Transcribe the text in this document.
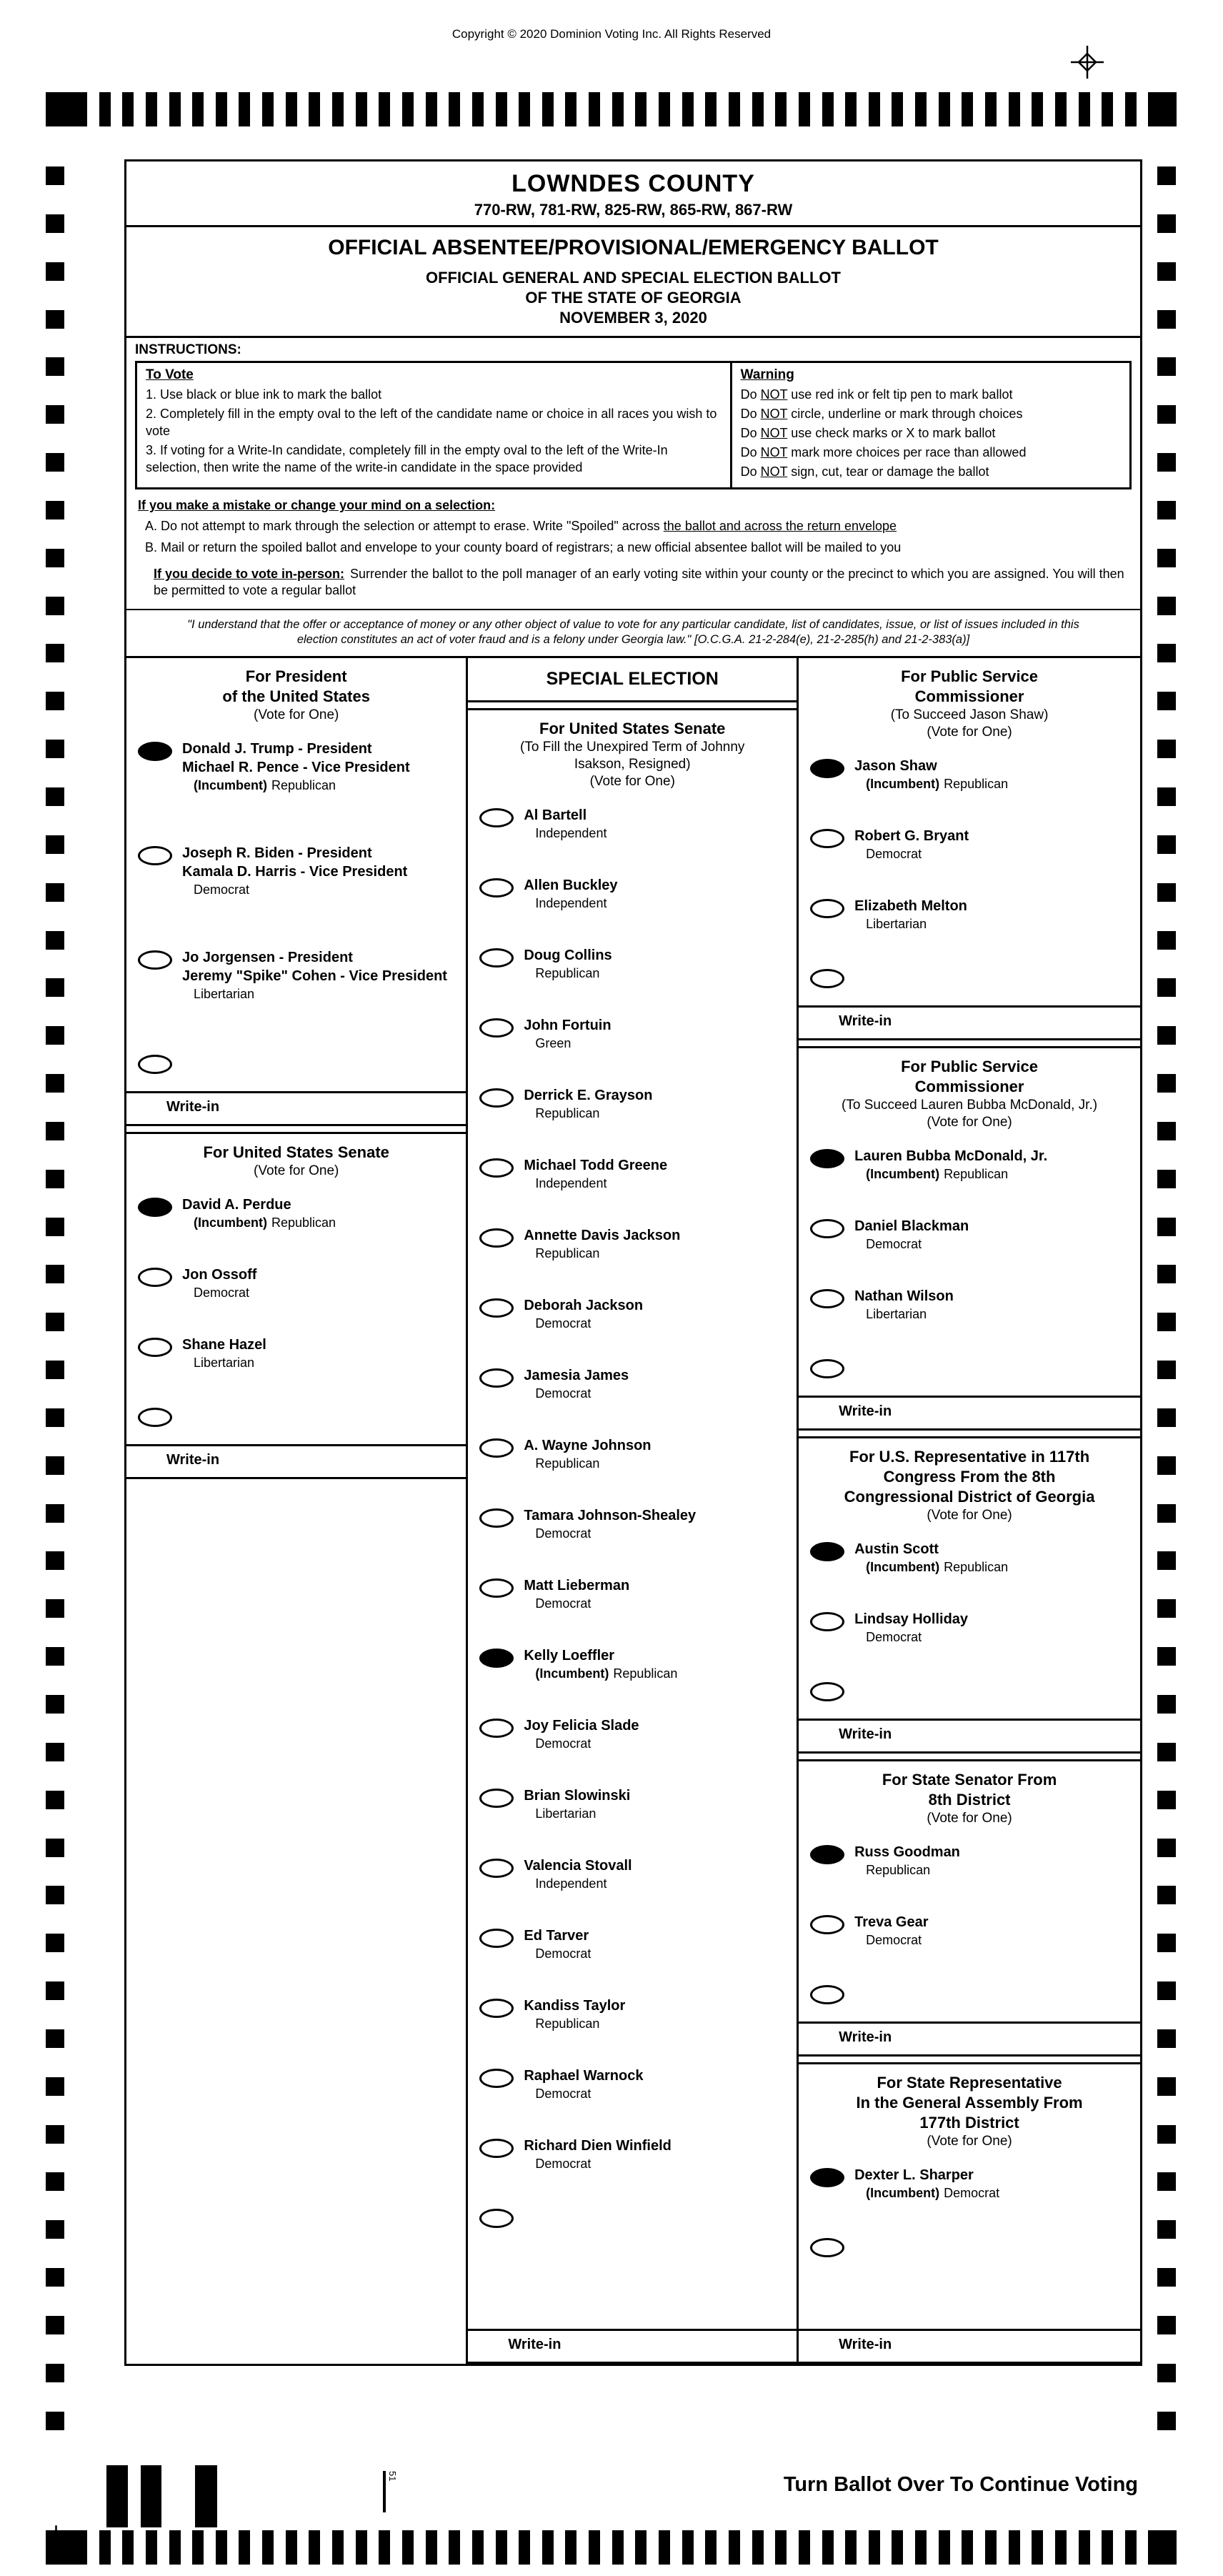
Copyright © 2020 Dominion Voting Inc. All Rights Reserved
LOWNDES COUNTY
770-RW, 781-RW, 825-RW, 865-RW, 867-RW
OFFICIAL ABSENTEE/PROVISIONAL/EMERGENCY BALLOT
OFFICIAL GENERAL AND SPECIAL ELECTION BALLOT
OF THE STATE OF GEORGIA
NOVEMBER 3, 2020
INSTRUCTIONS:
To Vote
1. Use black or blue ink to mark the ballot
2. Completely fill in the empty oval to the left of the candidate name or choice in all races you wish to vote
3. If voting for a Write-In candidate, completely fill in the empty oval to the left of the Write-In selection, then write the name of the write-in candidate in the space provided
Warning
Do NOT use red ink or felt tip pen to mark ballot
Do NOT circle, underline or mark through choices
Do NOT use check marks or X to mark ballot
Do NOT mark more choices per race than allowed
Do NOT sign, cut, tear or damage the ballot
If you make a mistake or change your mind on a selection:
A. Do not attempt to mark through the selection or attempt to erase. Write "Spoiled" across the ballot and across the return envelope
B. Mail or return the spoiled ballot and envelope to your county board of registrars; a new official absentee ballot will be mailed to you
If you decide to vote in-person: Surrender the ballot to the poll manager of an early voting site within your county or the precinct to which you are assigned. You will then be permitted to vote a regular ballot
"I understand that the offer or acceptance of money or any other object of value to vote for any particular candidate, list of candidates, issue, or list of issues included in this election constitutes an act of voter fraud and is a felony under Georgia law." [O.C.G.A. 21-2-284(e), 21-2-285(h) and 21-2-383(a)]
For President
of the United States
(Vote for One)
Donald J. Trump - President
Michael R. Pence - Vice President
(Incumbent) Republican
Joseph R. Biden - President
Kamala D. Harris - Vice President
Democrat
Jo Jorgensen - President
Jeremy "Spike" Cohen - Vice President
Libertarian
Write-in
For United States Senate
(Vote for One)
David A. Perdue
(Incumbent) Republican
Jon Ossoff
Democrat
Shane Hazel
Libertarian
Write-in
SPECIAL ELECTION
For United States Senate
(To Fill the Unexpired Term of Johnny Isakson, Resigned)
(Vote for One)
Al Bartell
Independent
Allen Buckley
Independent
Doug Collins
Republican
John Fortuin
Green
Derrick E. Grayson
Republican
Michael Todd Greene
Independent
Annette Davis Jackson
Republican
Deborah Jackson
Democrat
Jamesia James
Democrat
A. Wayne Johnson
Republican
Tamara Johnson-Shealey
Democrat
Matt Lieberman
Democrat
Kelly Loeffler
(Incumbent) Republican
Joy Felicia Slade
Democrat
Brian Slowinski
Libertarian
Valencia Stovall
Independent
Ed Tarver
Democrat
Kandiss Taylor
Republican
Raphael Warnock
Democrat
Richard Dien Winfield
Democrat
Write-in
For Public Service
Commissioner
(To Succeed Jason Shaw)
(Vote for One)
Jason Shaw
(Incumbent) Republican
Robert G. Bryant
Democrat
Elizabeth Melton
Libertarian
Write-in
For Public Service
Commissioner
(To Succeed Lauren Bubba McDonald, Jr.)
(Vote for One)
Lauren Bubba McDonald, Jr.
(Incumbent) Republican
Daniel Blackman
Democrat
Nathan Wilson
Libertarian
Write-in
For U.S. Representative in 117th
Congress From the 8th
Congressional District of Georgia
(Vote for One)
Austin Scott
(Incumbent) Republican
Lindsay Holliday
Democrat
Write-in
For State Senator From
8th District
(Vote for One)
Russ Goodman
Republican
Treva Gear
Democrat
Write-in
For State Representative
In the General Assembly From
177th District
(Vote for One)
Dexter L. Sharper
(Incumbent) Democrat
Write-in
Turn Ballot Over To Continue Voting
51
